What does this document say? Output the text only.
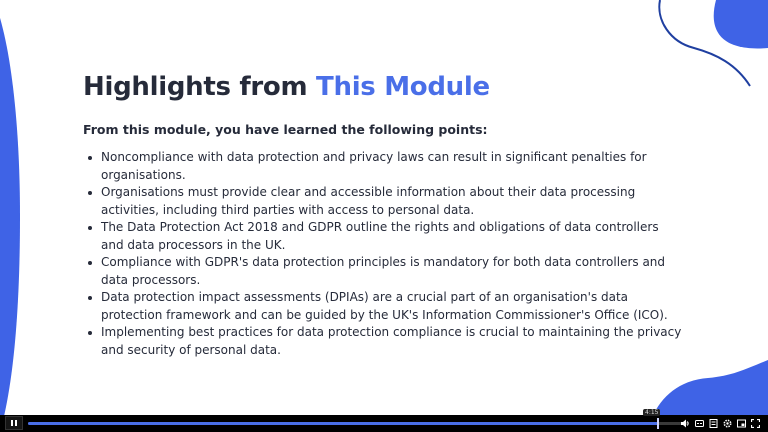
Highlights from This Module
From this module, you have learned the following points:
Noncompliance with data protection and privacy laws can result in significant penalties for organisations.
Organisations must provide clear and accessible information about their data processing activities, including third parties with access to personal data.
The Data Protection Act 2018 and GDPR outline the rights and obligations of data controllers and data processors in the UK.
Compliance with GDPR's data protection principles is mandatory for both data controllers and data processors.
Data protection impact assessments (DPIAs) are a crucial part of an organisation's data protection framework and can be guided by the UK's Information Commissioner's Office (ICO).
Implementing best practices for data protection compliance is crucial to maintaining the privacy and security of personal data.
4:15
